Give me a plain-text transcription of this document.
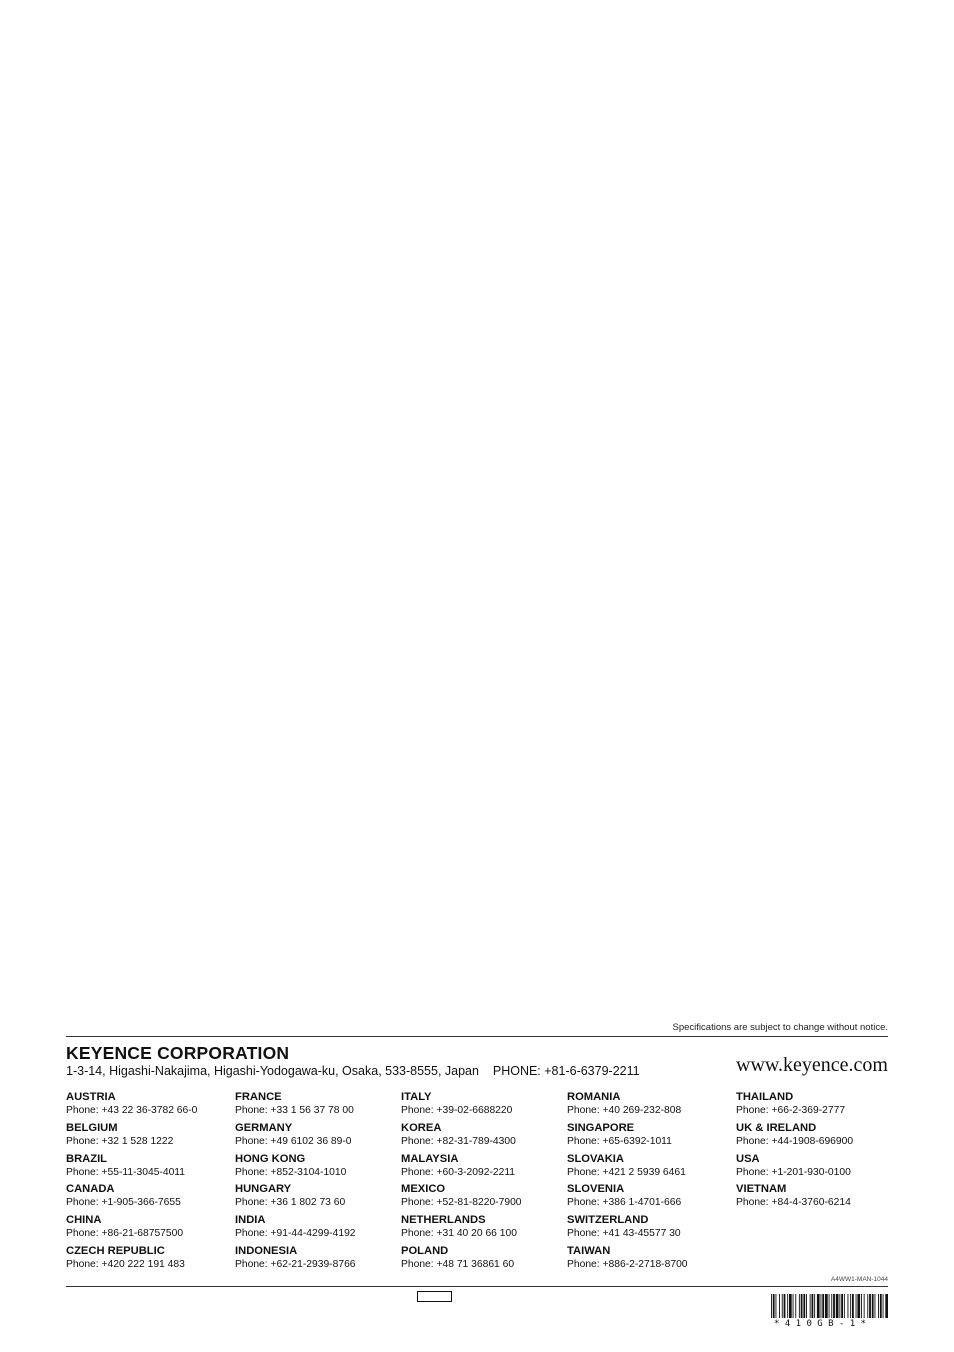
Specifications are subject to change without notice.
KEYENCE CORPORATION
1-3-14, Higashi-Nakajima, Higashi-Yodogawa-ku, Osaka, 533-8555, Japan    PHONE: +81-6-6379-2211	www.keyence.com
AUSTRIA
Phone: +43 22 36-3782 66-0
BELGIUM
Phone: +32 1 528 1222
BRAZIL
Phone: +55-11-3045-4011
CANADA
Phone: +1-905-366-7655
CHINA
Phone: +86-21-68757500
CZECH REPUBLIC
Phone: +420 222 191 483
FRANCE
Phone: +33 1 56 37 78 00
GERMANY
Phone: +49 6102 36 89-0
HONG KONG
Phone: +852-3104-1010
HUNGARY
Phone: +36 1 802 73 60
INDIA
Phone: +91-44-4299-4192
INDONESIA
Phone: +62-21-2939-8766
ITALY
Phone: +39-02-6688220
KOREA
Phone: +82-31-789-4300
MALAYSIA
Phone: +60-3-2092-2211
MEXICO
Phone: +52-81-8220-7900
NETHERLANDS
Phone: +31 40 20 66 100
POLAND
Phone: +48 71 36861 60
ROMANIA
Phone: +40 269-232-808
SINGAPORE
Phone: +65-6392-1011
SLOVAKIA
Phone: +421 2 5939 6461
SLOVENIA
Phone: +386 1-4701-666
SWITZERLAND
Phone: +41 43-45577 30
TAIWAN
Phone: +886-2-2718-8700
THAILAND
Phone: +66-2-369-2777
UK & IRELAND
Phone: +44-1908-696900
USA
Phone: +1-201-930-0100
VIETNAM
Phone: +84-4-3760-6214
A4WW1-MAN-1044
*410GB-1*
